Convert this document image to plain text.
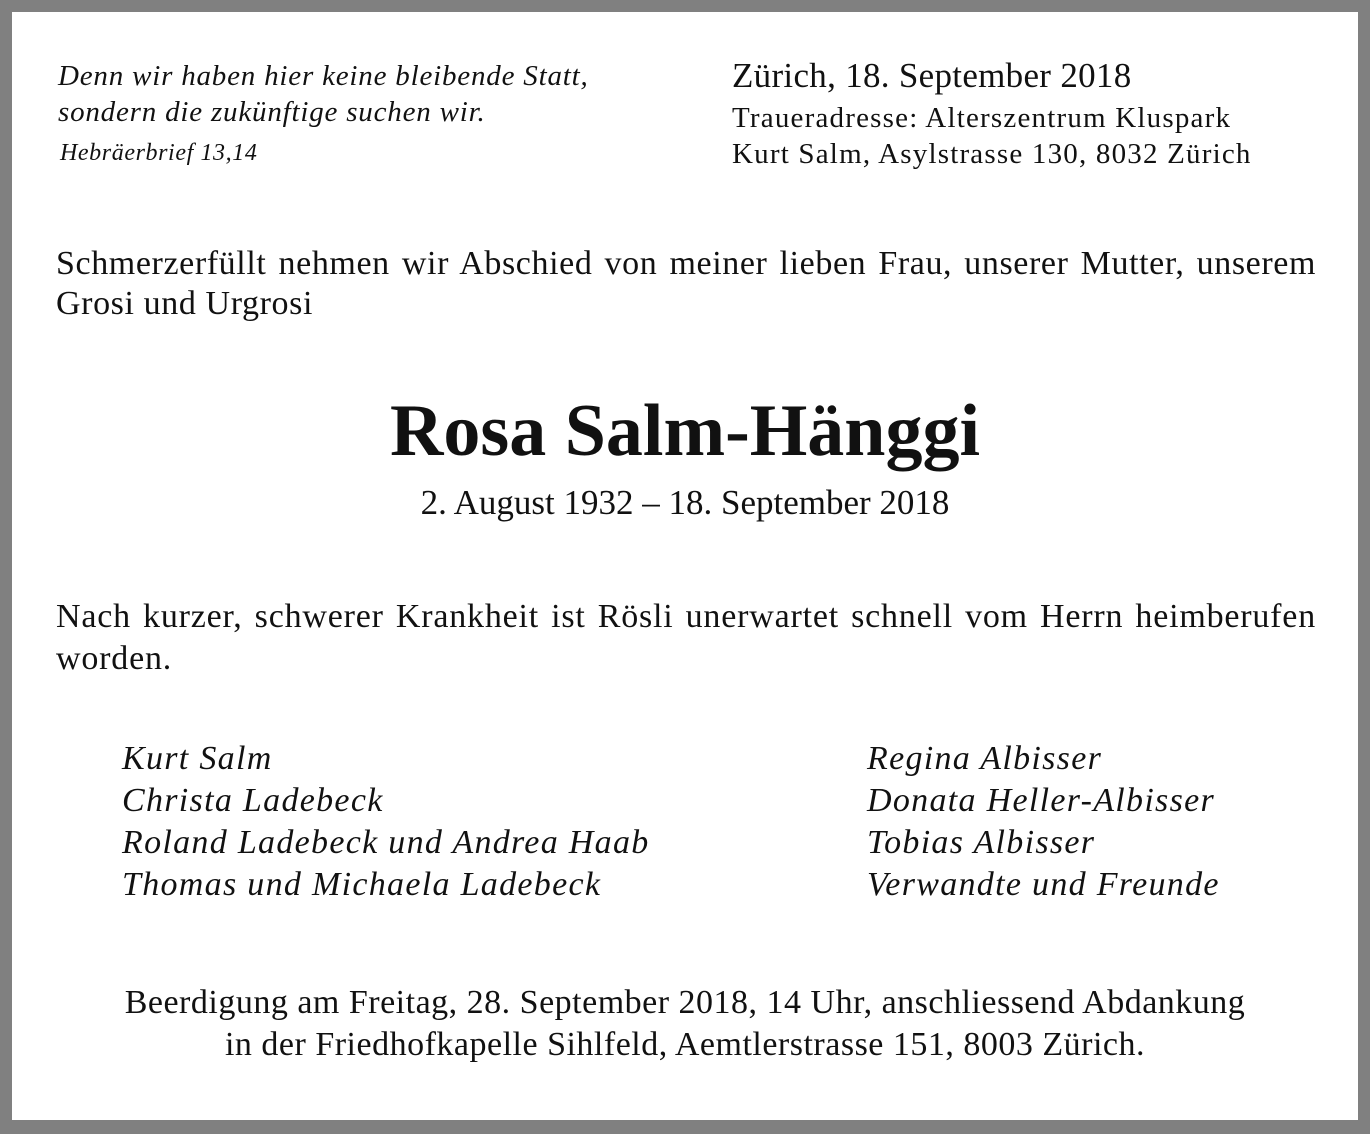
Denn wir haben hier keine bleibende Statt,
sondern die zukünftige suchen wir.
Hebräerbrief 13,14
Zürich, 18. September 2018
Traueradresse: Alterszentrum Kluspark
Kurt Salm, Asylstrasse 130, 8032 Zürich

Schmerzerfüllt nehmen wir Abschied von meiner lieben Frau, unserer Mutter, unserem Grosi und Urgrosi

Rosa Salm-Hänggi
2. August 1932 – 18. September 2018

Nach kurzer, schwerer Krankheit ist Rösli unerwartet schnell vom Herrn heimberufen worden.

Kurt Salm
Christa Ladebeck
Roland Ladebeck und Andrea Haab
Thomas und Michaela Ladebeck
Regina Albisser
Donata Heller-Albisser
Tobias Albisser
Verwandte und Freunde
Beerdigung am Freitag, 28. September 2018, 14 Uhr, anschliessend Abdankung
in der Friedhofkapelle Sihlfeld, Aemtlerstrasse 151, 8003 Zürich.
